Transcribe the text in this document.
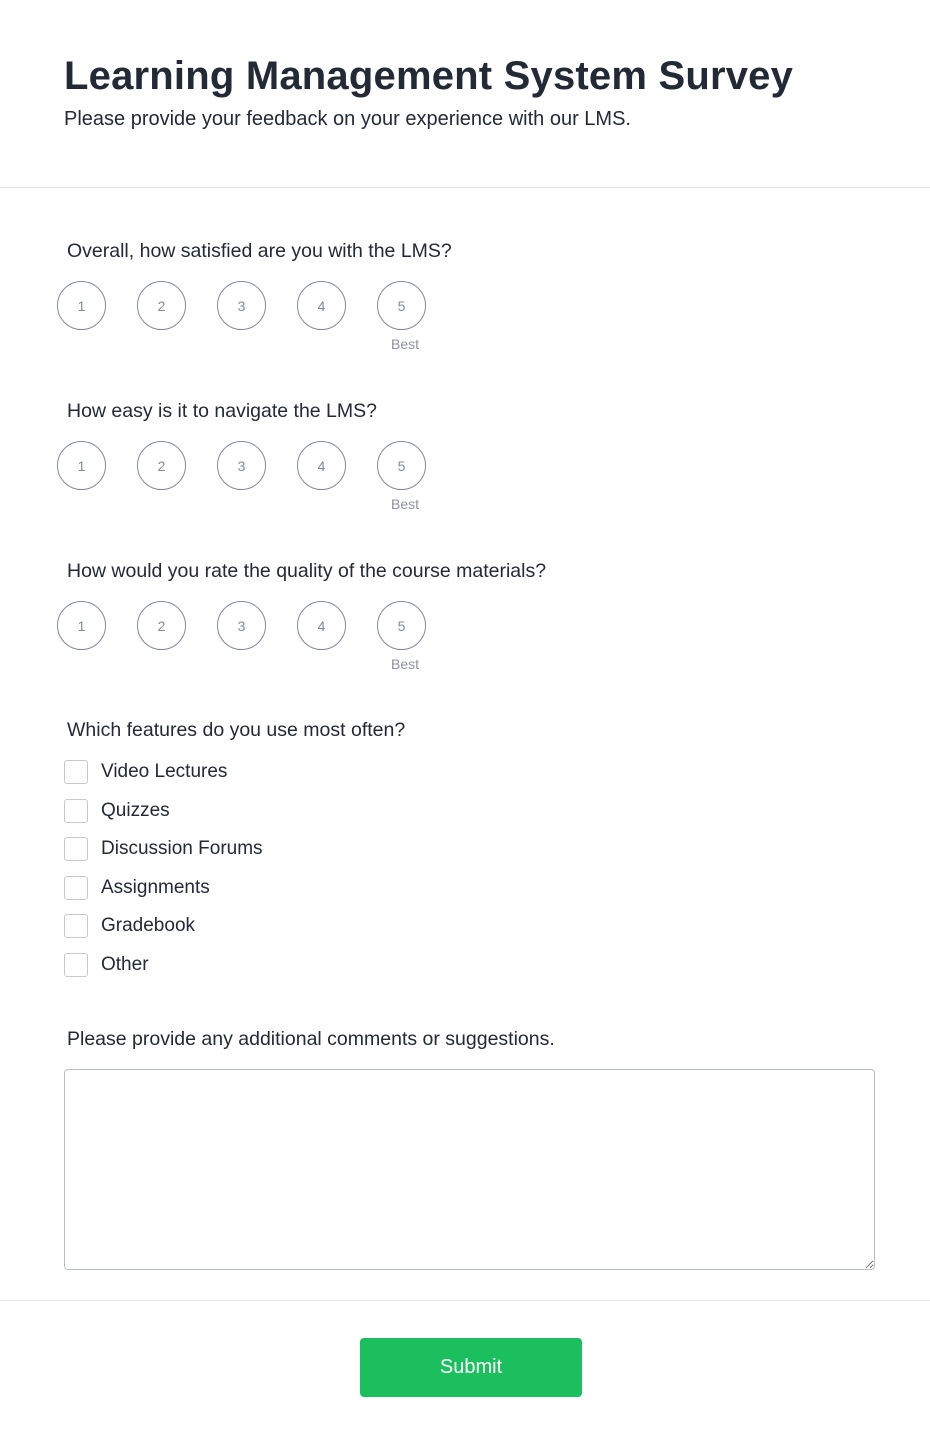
Learning Management System Survey

Please provide your feedback on your experience with our LMS.

Overall, how satisfied are you with the LMS?
1	2	3	4	5
Best
How easy is it to navigate the LMS?
1	2	3	4	5
Best
How would you rate the quality of the course materials?
1	2	3	4	5
Best
Which features do you use most often?
Video Lectures
Quizzes
Discussion Forums
Assignments
Gradebook
Other
Please provide any additional comments or suggestions.
Submit
